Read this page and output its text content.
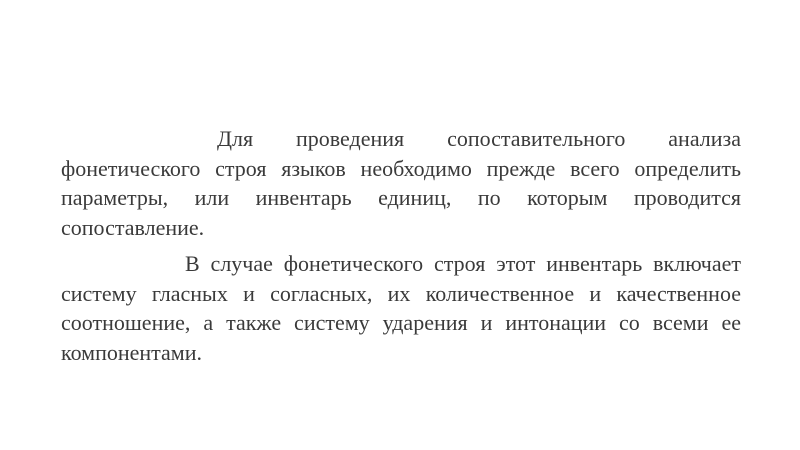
Для проведения сопоставительного анализа фонетического строя языков необходимо прежде всего определить параметры, или инвентарь единиц, по которым проводится сопоставление.

В случае фонетического строя этот инвентарь включает систему гласных и согласных, их количественное и качественное соотношение, а также систему ударения и интонации со всеми ее компонентами.
